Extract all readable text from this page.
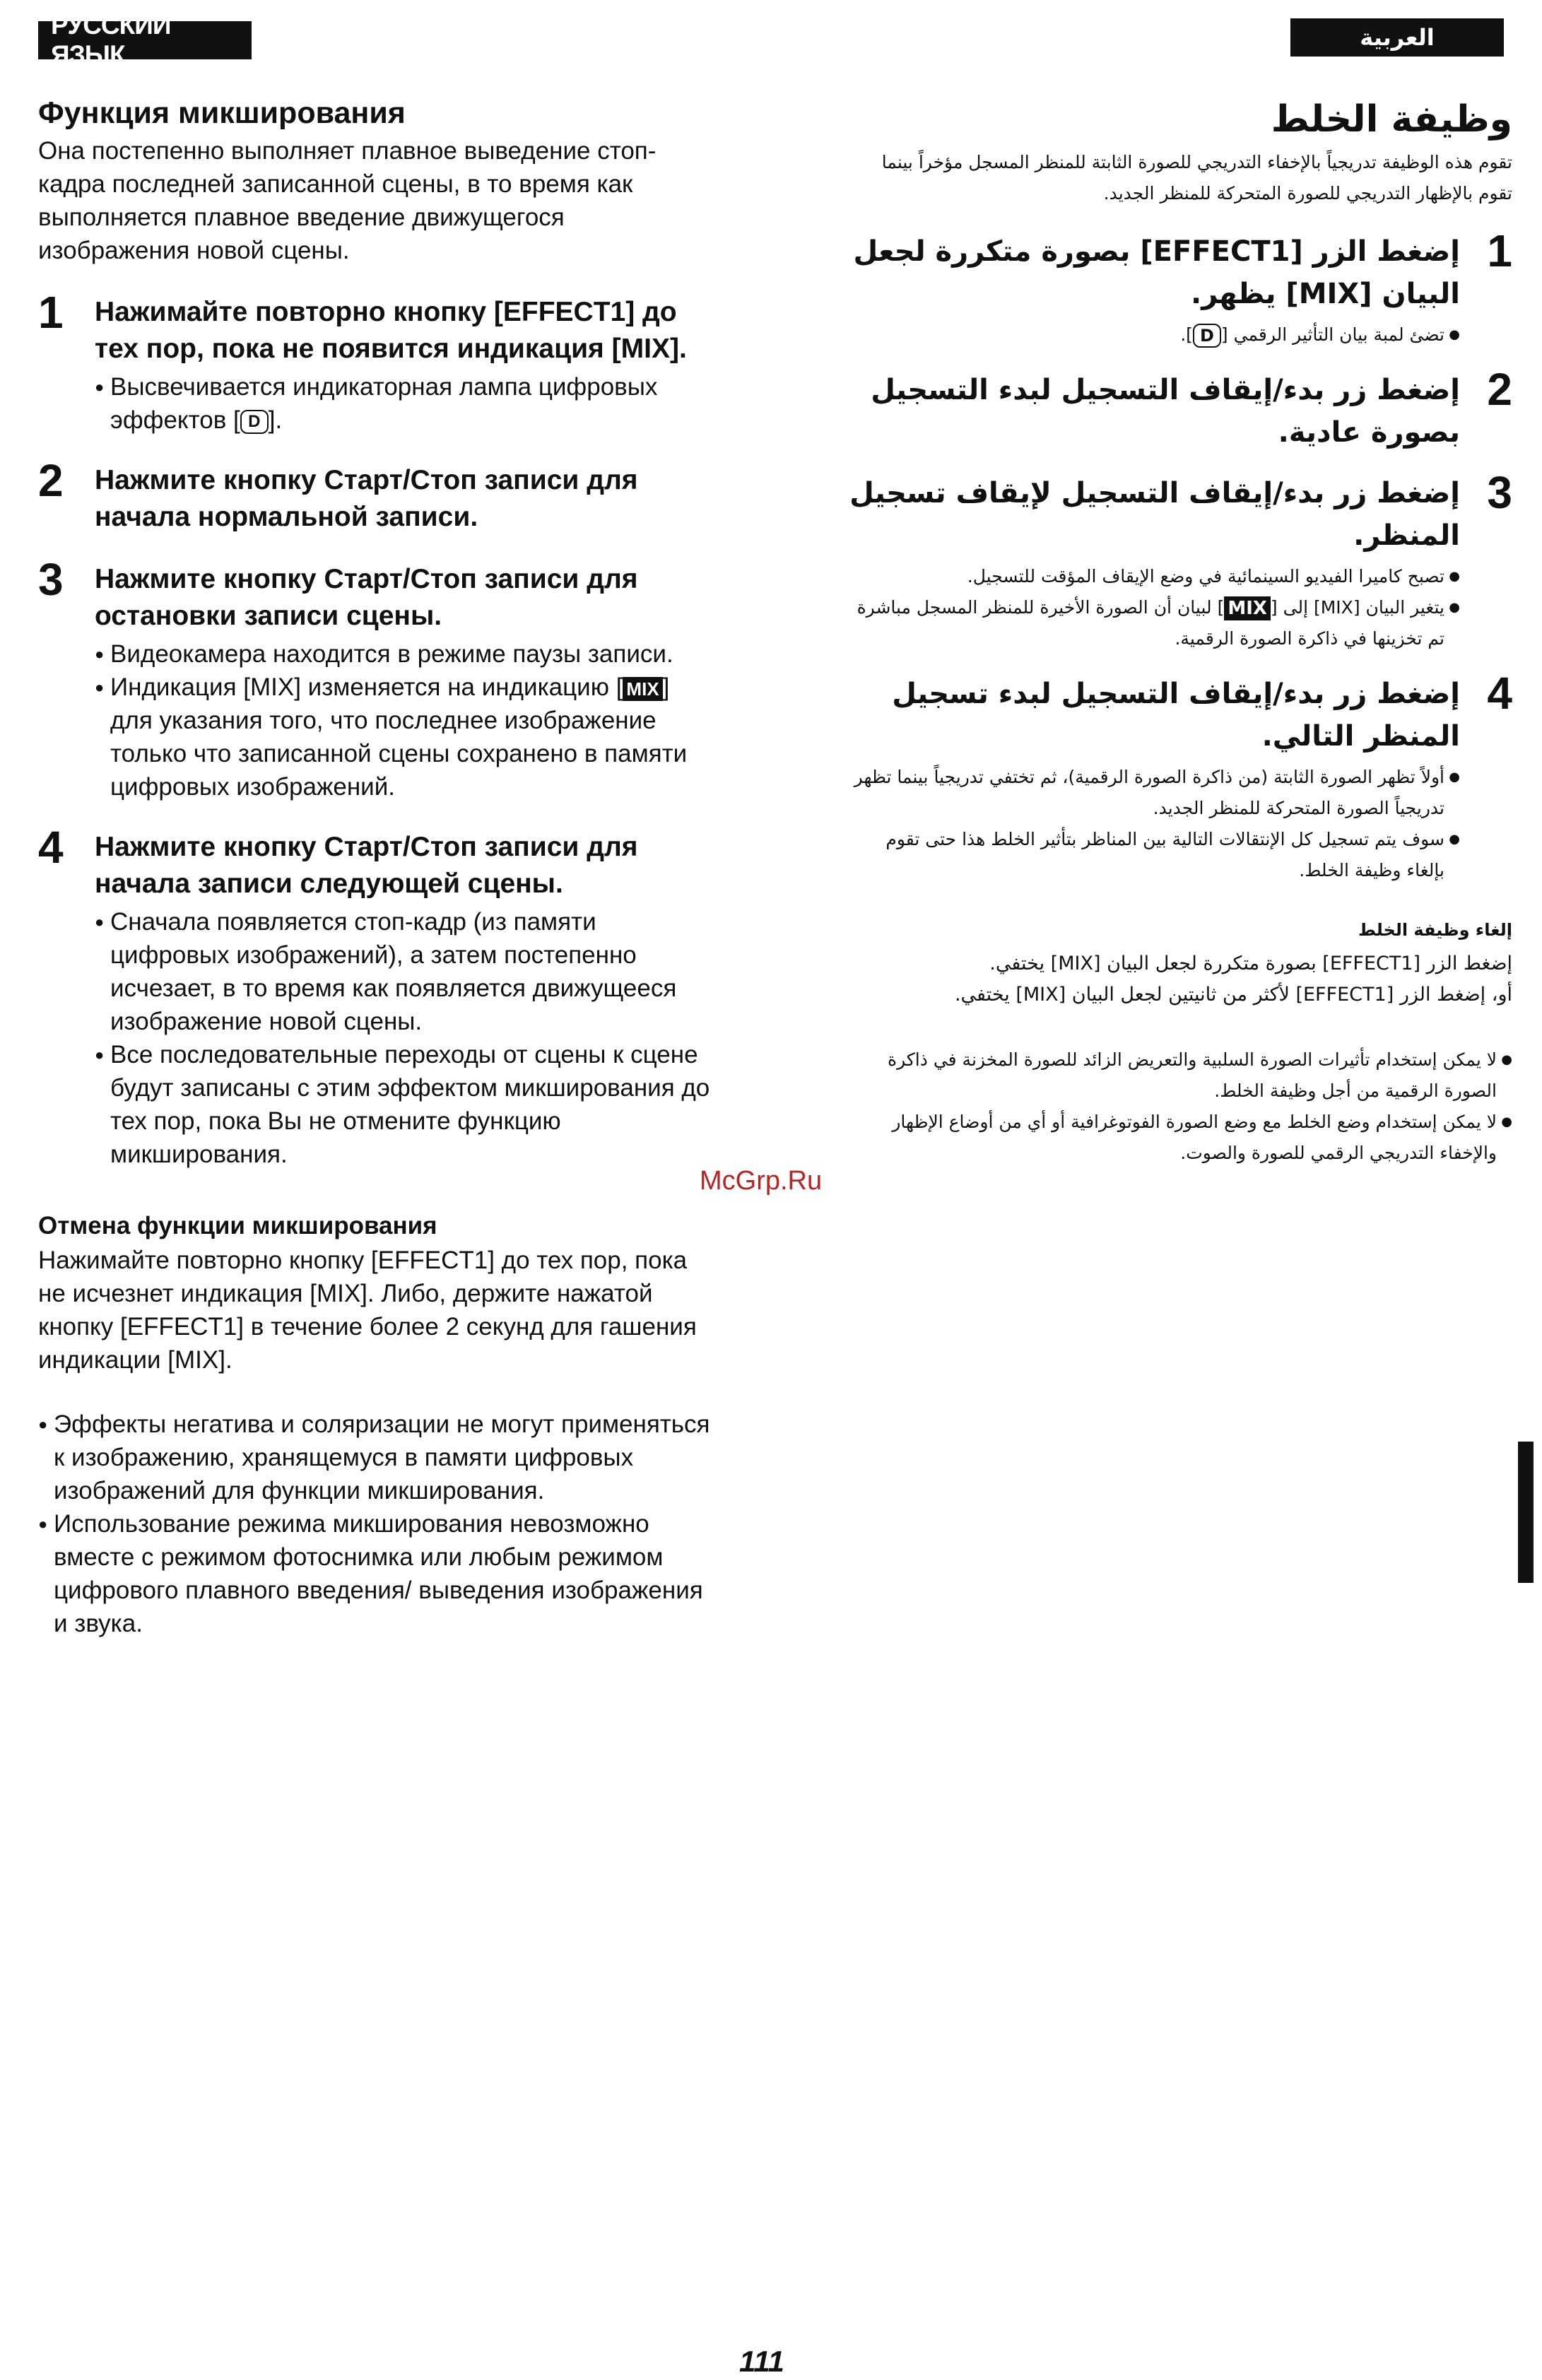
РУССКИЙ ЯЗЫК
العربية
Функция микширования
Она постепенно выполняет плавное выведение стоп-кадра последней записанной сцены, в то время как выполняется плавное введение движущегося изображения новой сцены.
1 Нажимайте повторно кнопку [EFFECT1] до тех пор, пока не появится индикация [MIX].
● Высвечивается индикаторная лампа цифровых эффектов [ D ].
2 Нажмите кнопку Старт/Стоп записи для начала нормальной записи.
3 Нажмите кнопку Старт/Стоп записи для остановки записи сцены.
● Видеокамера находится в режиме паузы записи.
● Индикация [MIX] изменяется на индикацию [ MIX ] для указания того, что последнее изображение только что записанной сцены сохранено в памяти цифровых изображений.
4 Нажмите кнопку Старт/Стоп записи для начала записи следующей сцены.
● Сначала появляется стоп-кадр (из памяти цифровых изображений), а затем постепенно исчезает, в то время как появляется движущееся изображение новой сцены.
● Все последовательные переходы от сцены к сцене будут записаны с этим эффектом микширования до тех пор, пока Вы не отмените функцию микширования.
Отмена функции микширования
Нажимайте повторно кнопку [EFFECT1] до тех пор, пока не исчезнет индикация [MIX]. Либо, держите нажатой кнопку [EFFECT1] в течение более 2 секунд для гашения индикации [MIX].
● Эффекты негатива и соляризации не могут применяться к изображению, хранящемуся в памяти цифровых изображений для функции микширования.
● Использование режима микширования невозможно вместе с режимом фотоснимка или любым режимом цифрового плавного введения/ выведения изображения и звука.
وظيفة الخلط
تقوم هذه الوظيفة تدريجياً بالإخفاء التدريجي للصورة الثابتة للمنظر المسجل مؤخراً بينما تقوم بالإظهار التدريجي للصورة المتحركة للمنظر الجديد.
1
إضغط الزر [EFFECT1] بصورة متكررة لجعل البيان [MIX] يظهر.
● تضئ لمبة بيان التأثير الرقمي [D].
2
إضغط زر بدء/إيقاف التسجيل لبدء التسجيل بصورة عادية.
3
إضغط زر بدء/إيقاف التسجيل لإيقاف تسجيل المنظر.
● تصبح كاميرا الفيديو السينمائية في وضع الإيقاف المؤقت للتسجيل.
● يتغير البيان [MIX] إلى [MIX] لبيان أن الصورة الأخيرة للمنظر المسجل مباشرة تم تخزينها في ذاكرة الصورة الرقمية.
4
إضغط زر بدء/إيقاف التسجيل لبدء تسجيل المنظر التالي.
● أولاً تظهر الصورة الثابتة (من ذاكرة الصورة الرقمية)، ثم تختفي تدريجياً بينما تظهر تدريجياً الصورة المتحركة للمنظر الجديد.
● سوف يتم تسجيل كل الإنتقالات التالية بين المناظر بتأثير الخلط هذا حتى تقوم بإلغاء وظيفة الخلط.
إلغاء وظيفة الخلط
إضغط الزر [EFFECT1] بصورة متكررة لجعل البيان [MIX] يختفي.
أو، إضغط الزر [EFFECT1] لأكثر من ثانيتين لجعل البيان [MIX] يختفي.
● لا يمكن إستخدام تأثيرات الصورة السلبية والتعريض الزائد للصورة المخزنة في ذاكرة الصورة الرقمية من أجل وظيفة الخلط.
● لا يمكن إستخدام وضع الخلط مع وضع الصورة الفوتوغرافية أو أي من أوضاع الإظهار والإخفاء التدريجي الرقمي للصورة والصوت.
McGrp.Ru
111
